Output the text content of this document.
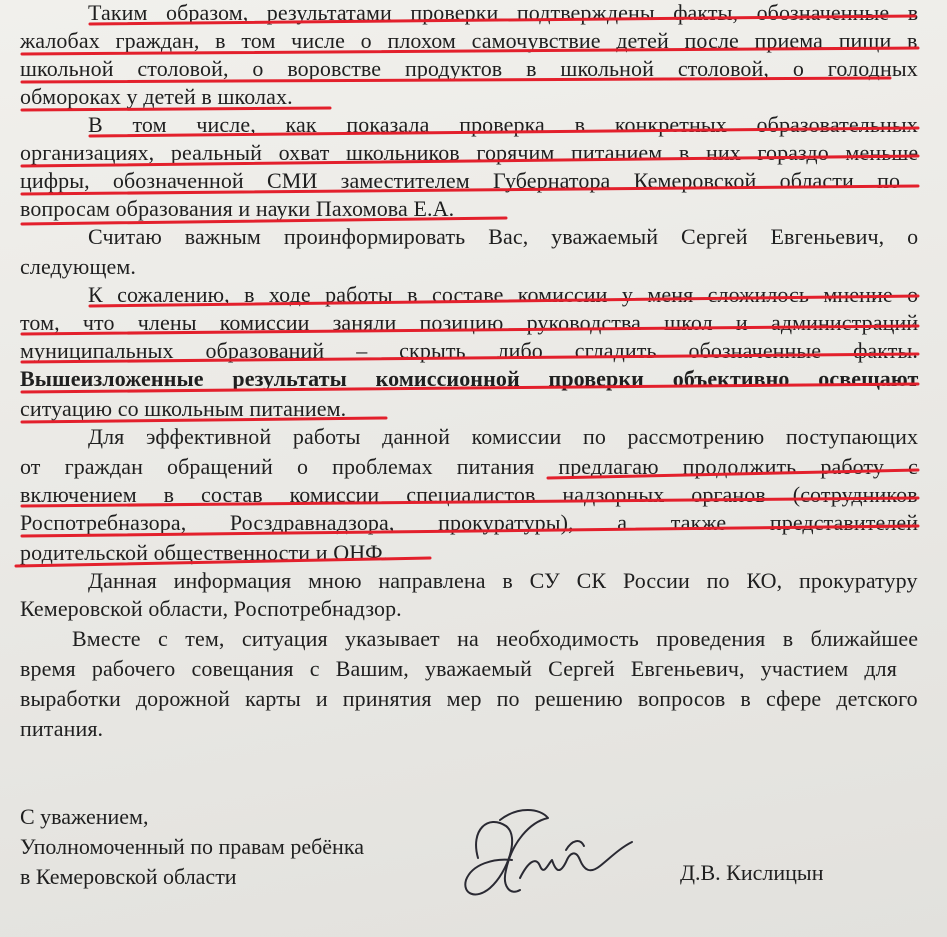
Таким образом, результатами проверки подтверждены факты, обозначенные в
жалобах граждан, в том числе о плохом самочувствие детей после приема пищи в
школьной столовой, о воровстве продуктов в школьной столовой, о голодных
обмороках у детей в школах.
В том числе, как показала проверка в конкретных образовательных
организациях, реальный охват школьников горячим питанием в них гораздо меньше
цифры, обозначенной СМИ заместителем Губернатора Кемеровской области по
вопросам образования и науки Пахомова Е.А.
Считаю важным проинформировать Вас, уважаемый Сергей Евгеньевич, о
следующем.
К сожалению, в ходе работы в составе комиссии у меня сложилось мнение о
том, что члены комиссии заняли позицию руководства школ и администраций
муниципальных образований – скрыть либо сгладить обозначенные факты.
Вышеизложенные результаты комиссионной проверки объективно освещают
ситуацию со школьным питанием.
Для эффективной работы данной комиссии по рассмотрению поступающих
от граждан обращений о проблемах питания предлагаю продолжить работу с
включением в состав комиссии специалистов надзорных органов (сотрудников
Роспотребназора, Росздравнадзора, прокуратуры), а также представителей
родительской общественности и ОНФ.
Данная информация мною направлена в СУ СК России по КО, прокуратуру
Кемеровской области, Роспотребнадзор.
Вместе с тем, ситуация указывает на необходимость проведения в ближайшее
время рабочего совещания с Вашим, уважаемый Сергей Евгеньевич, участием для
выработки дорожной карты и принятия мер по решению вопросов в сфере детского
питания.
С уважением,
Уполномоченный по правам ребёнка
в Кемеровской области	Д.В. Кислицын
